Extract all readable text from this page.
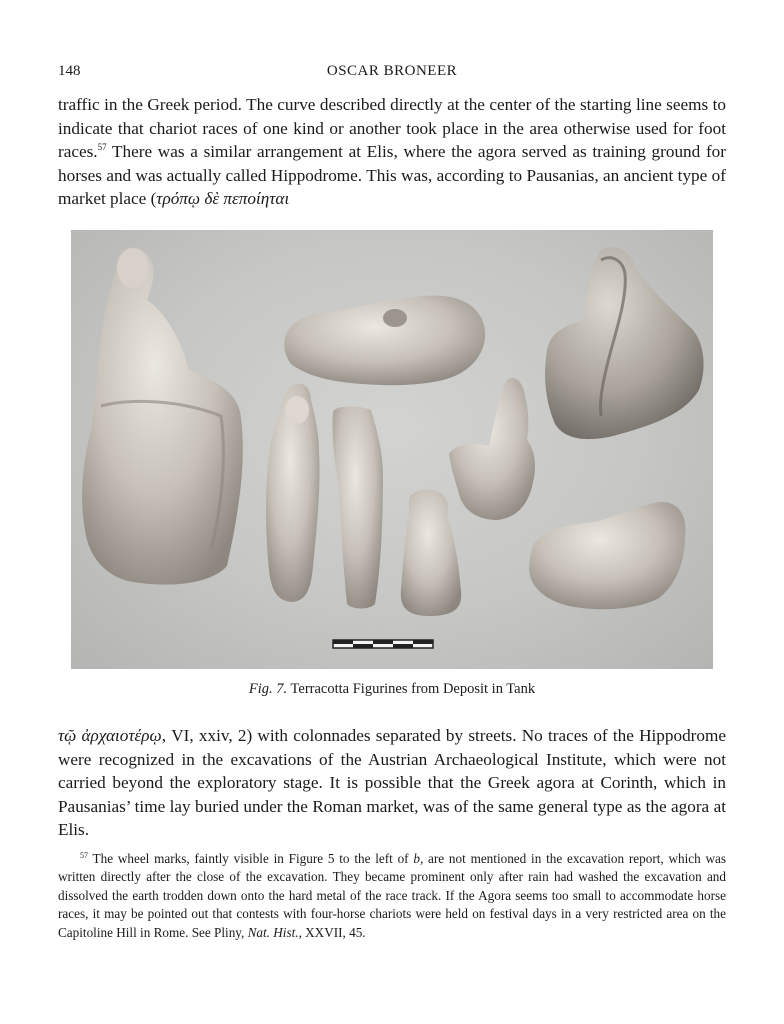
148	OSCAR BRONEER

traffic in the Greek period. The curve described directly at the center of the starting line seems to indicate that chariot races of one kind or another took place in the area otherwise used for foot races.$^{57}$ There was a similar arrangement at Elis, where the agora served as training ground for horses and was actually called Hippodrome. This was, according to Pausanias, an ancient type of market place (τρόπῳ δὲ πεποίηται

Fig. 7. Terracotta Figurines from Deposit in Tank

τῷ ἀρχαιοτέρῳ, VI, xxiv, 2) with colonnades separated by streets. No traces of the Hippodrome were recognized in the excavations of the Austrian Archaeological Institute, which were not carried beyond the exploratory stage. It is possible that the Greek agora at Corinth, which in Pausanias’ time lay buried under the Roman market, was of the same general type as the agora at Elis.

$^{57}$ The wheel marks, faintly visible in Figure 5 to the left of b, are not mentioned in the excavation report, which was written directly after the close of the excavation. They became prominent only after rain had washed the excavation and dissolved the earth trodden down onto the hard metal of the race track. If the Agora seems too small to accommodate horse races, it may be pointed out that contests with four-horse chariots were held on festival days in a very restricted area on the Capitoline Hill in Rome. See Pliny, Nat. Hist., XXVII, 45.
